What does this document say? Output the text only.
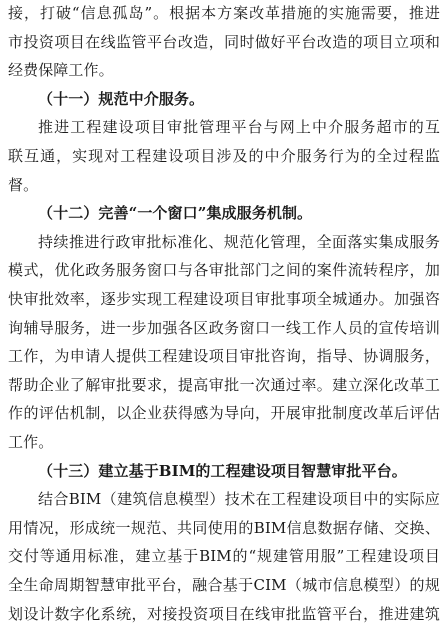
接，打破“信息孤岛”。根据本方案改革措施的实施需要，推进
市投资项目在线监管平台改造，同时做好平台改造的项目立项和
经费保障工作。
（十一）规范中介服务。
推进工程建设项目审批管理平台与网上中介服务超市的互
联互通，实现对工程建设项目涉及的中介服务行为的全过程监
督。
（十二）完善“一个窗口”集成服务机制。
持续推进行政审批标准化、规范化管理，全面落实集成服务
模式，优化政务服务窗口与各审批部门之间的案件流转程序，加
快审批效率，逐步实现工程建设项目审批事项全城通办。加强咨
询辅导服务，进一步加强各区政务窗口一线工作人员的宣传培训
工作，为申请人提供工程建设项目审批咨询，指导、协调服务，
帮助企业了解审批要求，提高审批一次通过率。建立深化改革工
作的评估机制，以企业获得感为导向，开展审批制度改革后评估
工作。
（十三）建立基于BIM的工程建设项目智慧审批平台。
结合BIM（建筑信息模型）技术在工程建设项目中的实际应
用情况，形成统一规范、共同使用的BIM信息数据存储、交换、
交付等通用标准，建立基于BIM的“规建管用服”工程建设项目
全生命周期智慧审批平台，融合基于CIM（城市信息模型）的规
划设计数字化系统，对接投资项目在线审批监管平台，推进建筑
